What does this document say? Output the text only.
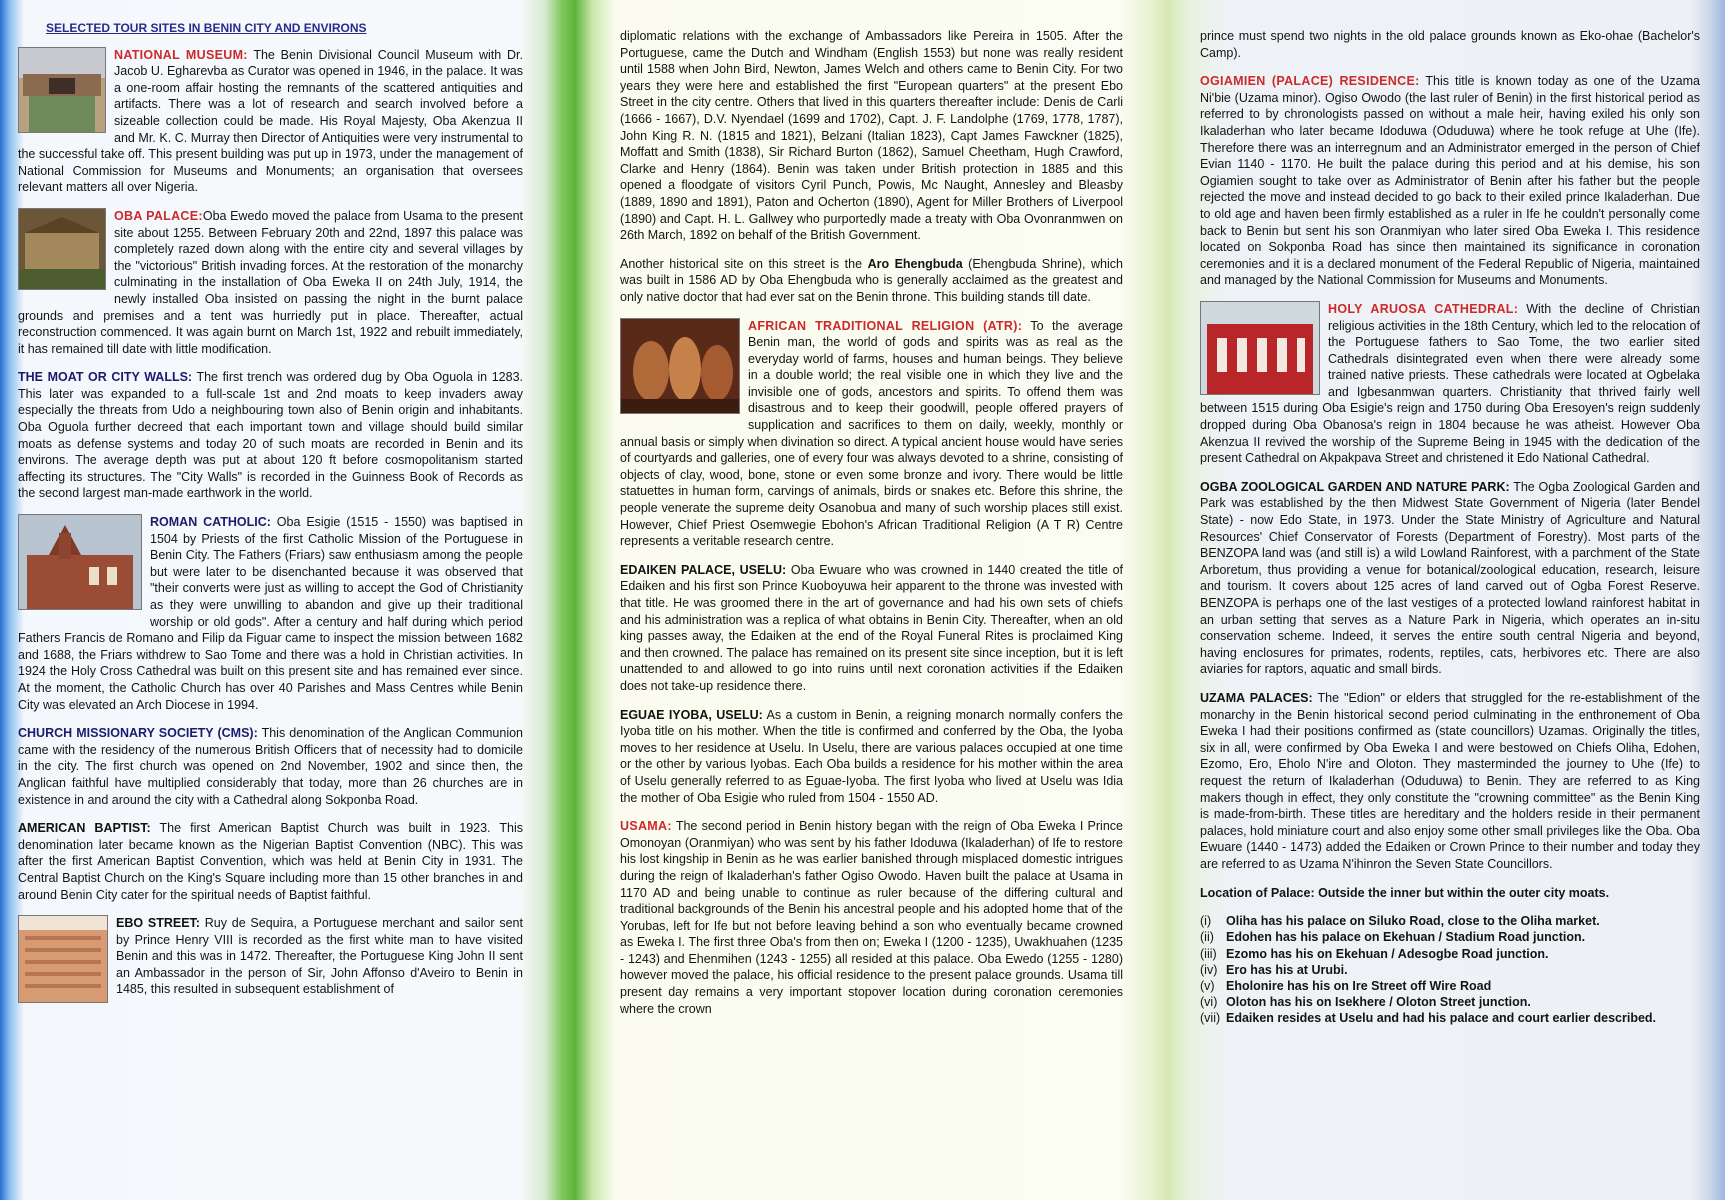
SELECTED TOUR SITES IN BENIN CITY AND ENVIRONS

NATIONAL MUSEUM: The Benin Divisional Council Museum with Dr. Jacob U. Egharevba as Curator was opened in 1946, in the palace. It was a one-room affair hosting the remnants of the scattered antiquities and artifacts. There was a lot of research and search involved before a sizeable collection could be made. His Royal Majesty, Oba Akenzua II and Mr. K. C. Murray then Director of Antiquities were very instrumental to the successful take off. This present building was put up in 1973, under the management of National Commission for Museums and Monuments; an organisation that oversees relevant matters all over Nigeria.

OBA PALACE:Oba Ewedo moved the palace from Usama to the present site about 1255. Between February 20th and 22nd, 1897 this palace was completely razed down along with the entire city and several villages by the "victorious" British invading forces. At the restoration of the monarchy culminating in the installation of Oba Eweka II on 24th July, 1914, the newly installed Oba insisted on passing the night in the burnt palace grounds and premises and a tent was hurriedly put in place. Thereafter, actual reconstruction commenced. It was again burnt on March 1st, 1922 and rebuilt immediately, it has remained till date with little modification.

THE MOAT OR CITY WALLS: The first trench was ordered dug by Oba Oguola in 1283. This later was expanded to a full-scale 1st and 2nd moats to keep invaders away especially the threats from Udo a neighbouring town also of Benin origin and inhabitants. Oba Oguola further decreed that each important town and village should build similar moats as defense systems and today 20 of such moats are recorded in Benin and its environs. The average depth was put at about 120 ft before cosmopolitanism started affecting its structures. The "City Walls" is recorded in the Guinness Book of Records as the second largest man-made earthwork in the world.

ROMAN CATHOLIC: Oba Esigie (1515 - 1550) was baptised in 1504 by Priests of the first Catholic Mission of the Portuguese in Benin City. The Fathers (Friars) saw enthusiasm among the people but were later to be disenchanted because it was observed that "their converts were just as willing to accept the God of Christianity as they were unwilling to abandon and give up their traditional worship or old gods". After a century and half during which period Fathers Francis de Romano and Filip da Figuar came to inspect the mission between 1682 and 1688, the Friars withdrew to Sao Tome and there was a hold in Christian activities. In 1924 the Holy Cross Cathedral was built on this present site and has remained ever since. At the moment, the Catholic Church has over 40 Parishes and Mass Centres while Benin City was elevated an Arch Diocese in 1994.

CHURCH MISSIONARY SOCIETY (CMS): This denomination of the Anglican Communion came with the residency of the numerous British Officers that of necessity had to domicile in the city. The first church was opened on 2nd November, 1902 and since then, the Anglican faithful have multiplied considerably that today, more than 26 churches are in existence in and around the city with a Cathedral along Sokponba Road.

AMERICAN BAPTIST: The first American Baptist Church was built in 1923. This denomination later became known as the Nigerian Baptist Convention (NBC). This was after the first American Baptist Convention, which was held at Benin City in 1931. The Central Baptist Church on the King's Square including more than 15 other branches in and around Benin City cater for the spiritual needs of Baptist faithful.

EBO STREET: Ruy de Sequira, a Portuguese merchant and sailor sent by Prince Henry VIII is recorded as the first white man to have visited Benin and this was in 1472. Thereafter, the Portuguese King John II sent an Ambassador in the person of Sir, John Affonso d'Aveiro to Benin in 1485, this resulted in subsequent establishment of

diplomatic relations with the exchange of Ambassadors like Pereira in 1505. After the Portuguese, came the Dutch and Windham (English 1553) but none was really resident until 1588 when John Bird, Newton, James Welch and others came to Benin City. For two years they were here and established the first "European quarters" at the present Ebo Street in the city centre. Others that lived in this quarters thereafter include: Denis de Carli (1666 - 1667), D.V. Nyendael (1699 and 1702), Capt. J. F. Landolphe (1769, 1778, 1787), John King R. N. (1815 and 1821), Belzani (Italian 1823), Capt James Fawckner (1825), Moffatt and Smith (1838), Sir Richard Burton (1862), Samuel Cheetham, Hugh Crawford, Clarke and Henry (1864). Benin was taken under British protection in 1885 and this opened a floodgate of visitors Cyril Punch, Powis, Mc Naught, Annesley and Bleasby (1889, 1890 and 1891), Paton and Ocherton (1890), Agent for Miller Brothers of Liverpool (1890) and Capt. H. L. Gallwey who purportedly made a treaty with Oba Ovonranmwen on 26th March, 1892 on behalf of the British Government.

Another historical site on this street is the Aro Ehengbuda (Ehengbuda Shrine), which was built in 1586 AD by Oba Ehengbuda who is generally acclaimed as the greatest and only native doctor that had ever sat on the Benin throne. This building stands till date.

AFRICAN TRADITIONAL RELIGION (ATR): To the average Benin man, the world of gods and spirits was as real as the everyday world of farms, houses and human beings. They believe in a double world; the real visible one in which they live and the invisible one of gods, ancestors and spirits. To offend them was disastrous and to keep their goodwill, people offered prayers of supplication and sacrifices to them on daily, weekly, monthly or annual basis or simply when divination so direct. A typical ancient house would have series of courtyards and galleries, one of every four was always devoted to a shrine, consisting of objects of clay, wood, bone, stone or even some bronze and ivory. There would be little statuettes in human form, carvings of animals, birds or snakes etc. Before this shrine, the people venerate the supreme deity Osanobua and many of such worship places still exist. However, Chief Priest Osemwegie Ebohon's African Traditional Religion (A T R) Centre represents a veritable research centre.

EDAIKEN PALACE, USELU: Oba Ewuare who was crowned in 1440 created the title of Edaiken and his first son Prince Kuoboyuwa heir apparent to the throne was invested with that title. He was groomed there in the art of governance and had his own sets of chiefs and his administration was a replica of what obtains in Benin City. Thereafter, when an old king passes away, the Edaiken at the end of the Royal Funeral Rites is proclaimed King and then crowned. The palace has remained on its present site since inception, but it is left unattended to and allowed to go into ruins until next coronation activities if the Edaiken does not take-up residence there.

EGUAE IYOBA, USELU: As a custom in Benin, a reigning monarch normally confers the Iyoba title on his mother. When the title is confirmed and conferred by the Oba, the Iyoba moves to her residence at Uselu. In Uselu, there are various palaces occupied at one time or the other by various Iyobas. Each Oba builds a residence for his mother within the area of Uselu generally referred to as Eguae-Iyoba. The first Iyoba who lived at Uselu was Idia the mother of Oba Esigie who ruled from 1504 - 1550 AD.

USAMA: The second period in Benin history began with the reign of Oba Eweka I Prince Omonoyan (Oranmiyan) who was sent by his father Idoduwa (Ikaladerhan) of Ife to restore his lost kingship in Benin as he was earlier banished through misplaced domestic intrigues during the reign of Ikaladerhan's father Ogiso Owodo. Haven built the palace at Usama in 1170 AD and being unable to continue as ruler because of the differing cultural and traditional backgrounds of the Benin his ancestral people and his adopted home that of the Yorubas, left for Ife but not before leaving behind a son who eventually became crowned as Eweka I. The first three Oba's from then on; Eweka I (1200 - 1235), Uwakhuahen (1235 - 1243) and Ehenmihen (1243 - 1255) all resided at this palace. Oba Ewedo (1255 - 1280) however moved the palace, his official residence to the present palace grounds. Usama till present day remains a very important stopover location during coronation ceremonies where the crown

prince must spend two nights in the old palace grounds known as Eko-ohae (Bachelor's Camp).

OGIAMIEN (PALACE) RESIDENCE: This title is known today as one of the Uzama Ni'bie (Uzama minor). Ogiso Owodo (the last ruler of Benin) in the first historical period as referred to by chronologists passed on without a male heir, having exiled his only son Ikaladerhan who later became Idoduwa (Oduduwa) where he took refuge at Uhe (Ife). Therefore there was an interregnum and an Administrator emerged in the person of Chief Evian 1140 - 1170. He built the palace during this period and at his demise, his son Ogiamien sought to take over as Administrator of Benin after his father but the people rejected the move and instead decided to go back to their exiled prince Ikaladerhan. Due to old age and haven been firmly established as a ruler in Ife he couldn't personally come back to Benin but sent his son Oranmiyan who later sired Oba Eweka I. This residence located on Sokponba Road has since then maintained its significance in coronation ceremonies and it is a declared monument of the Federal Republic of Nigeria, maintained and managed by the National Commission for Museums and Monuments.

HOLY ARUOSA CATHEDRAL: With the decline of Christian religious activities in the 18th Century, which led to the relocation of the Portuguese fathers to Sao Tome, the two earlier sited Cathedrals disintegrated even when there were already some trained native priests. These cathedrals were located at Ogbelaka and Igbesanmwan quarters. Christianity that thrived fairly well between 1515 during Oba Esigie's reign and 1750 during Oba Eresoyen's reign suddenly dropped during Oba Obanosa's reign in 1804 because he was atheist. However Oba Akenzua II revived the worship of the Supreme Being in 1945 with the dedication of the present Cathedral on Akpakpava Street and christened it Edo National Cathedral.

OGBA ZOOLOGICAL GARDEN AND NATURE PARK: The Ogba Zoological Garden and Park was established by the then Midwest State Government of Nigeria (later Bendel State) - now Edo State, in 1973. Under the State Ministry of Agriculture and Natural Resources' Chief Conservator of Forests (Department of Forestry). Most parts of the BENZOPA land was (and still is) a wild Lowland Rainforest, with a parchment of the State Arboretum, thus providing a venue for botanical/zoological education, research, leisure and tourism. It covers about 125 acres of land carved out of Ogba Forest Reserve. BENZOPA is perhaps one of the last vestiges of a protected lowland rainforest habitat in an urban setting that serves as a Nature Park in Nigeria, which operates an in-situ conservation scheme. Indeed, it serves the entire south central Nigeria and beyond, having enclosures for primates, rodents, reptiles, cats, herbivores etc. There are also aviaries for raptors, aquatic and small birds.

UZAMA PALACES: The "Edion" or elders that struggled for the re-establishment of the monarchy in the Benin historical second period culminating in the enthronement of Oba Eweka I had their positions confirmed as (state councillors) Uzamas. Originally the titles, six in all, were confirmed by Oba Eweka I and were bestowed on Chiefs Oliha, Edohen, Ezomo, Ero, Eholo N'ire and Oloton. They masterminded the journey to Uhe (Ife) to request the return of Ikaladerhan (Oduduwa) to Benin. They are referred to as King makers though in effect, they only constitute the "crowning committee" as the Benin King is made-from-birth. These titles are hereditary and the holders reside in their permanent palaces, hold miniature court and also enjoy some other small privileges like the Oba. Oba Ewuare (1440 - 1473) added the Edaiken or Crown Prince to their number and today they are referred to as Uzama N'ihinron the Seven State Councillors.

Location of Palace: Outside the inner but within the outer city moats.

(i)	Oliha has his palace on Siluko Road, close to the Oliha market.
(ii) Edohen has his palace on Ekehuan / Stadium Road junction.
(iii) Ezomo has his on Ekehuan / Adesogbe Road junction.
(iv) Ero has his at Urubi.
(v) Eholonire has his on Ire Street off Wire Road
(vi) Oloton has his on Isekhere / Oloton Street junction.
(vii) Edaiken resides at Uselu and had his palace and court earlier described.
